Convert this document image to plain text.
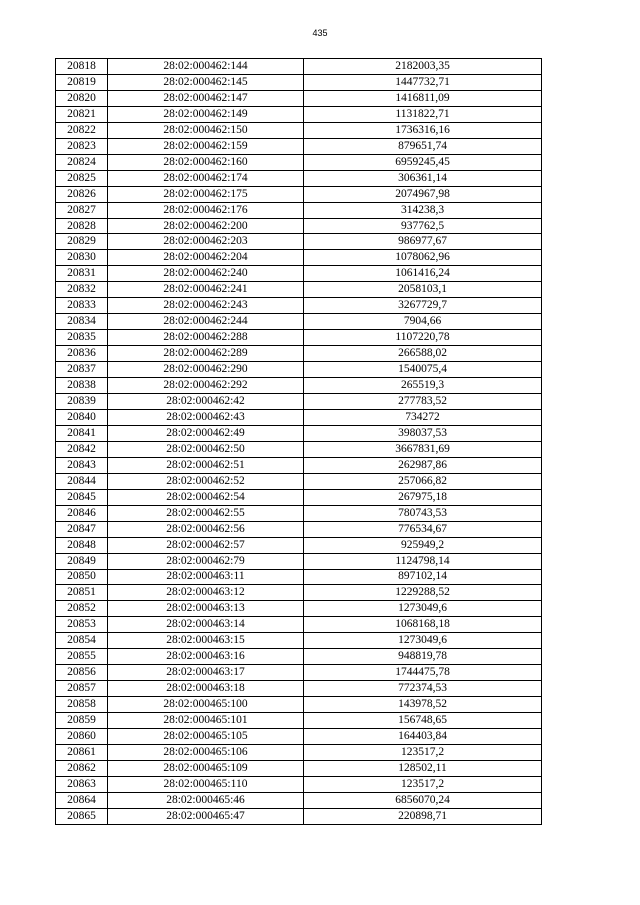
435
20818	28:02:000462:144	2182003,35
20819	28:02:000462:145	1447732,71
20820	28:02:000462:147	1416811,09
20821	28:02:000462:149	1131822,71
20822	28:02:000462:150	1736316,16
20823	28:02:000462:159	879651,74
20824	28:02:000462:160	6959245,45
20825	28:02:000462:174	306361,14
20826	28:02:000462:175	2074967,98
20827	28:02:000462:176	314238,3
20828	28:02:000462:200	937762,5
20829	28:02:000462:203	986977,67
20830	28:02:000462:204	1078062,96
20831	28:02:000462:240	1061416,24
20832	28:02:000462:241	2058103,1
20833	28:02:000462:243	3267729,7
20834	28:02:000462:244	7904,66
20835	28:02:000462:288	1107220,78
20836	28:02:000462:289	266588,02
20837	28:02:000462:290	1540075,4
20838	28:02:000462:292	265519,3
20839	28:02:000462:42	277783,52
20840	28:02:000462:43	734272
20841	28:02:000462:49	398037,53
20842	28:02:000462:50	3667831,69
20843	28:02:000462:51	262987,86
20844	28:02:000462:52	257066,82
20845	28:02:000462:54	267975,18
20846	28:02:000462:55	780743,53
20847	28:02:000462:56	776534,67
20848	28:02:000462:57	925949,2
20849	28:02:000462:79	1124798,14
20850	28:02:000463:11	897102,14
20851	28:02:000463:12	1229288,52
20852	28:02:000463:13	1273049,6
20853	28:02:000463:14	1068168,18
20854	28:02:000463:15	1273049,6
20855	28:02:000463:16	948819,78
20856	28:02:000463:17	1744475,78
20857	28:02:000463:18	772374,53
20858	28:02:000465:100	143978,52
20859	28:02:000465:101	156748,65
20860	28:02:000465:105	164403,84
20861	28:02:000465:106	123517,2
20862	28:02:000465:109	128502,11
20863	28:02:000465:110	123517,2
20864	28:02:000465:46	6856070,24
20865	28:02:000465:47	220898,71
